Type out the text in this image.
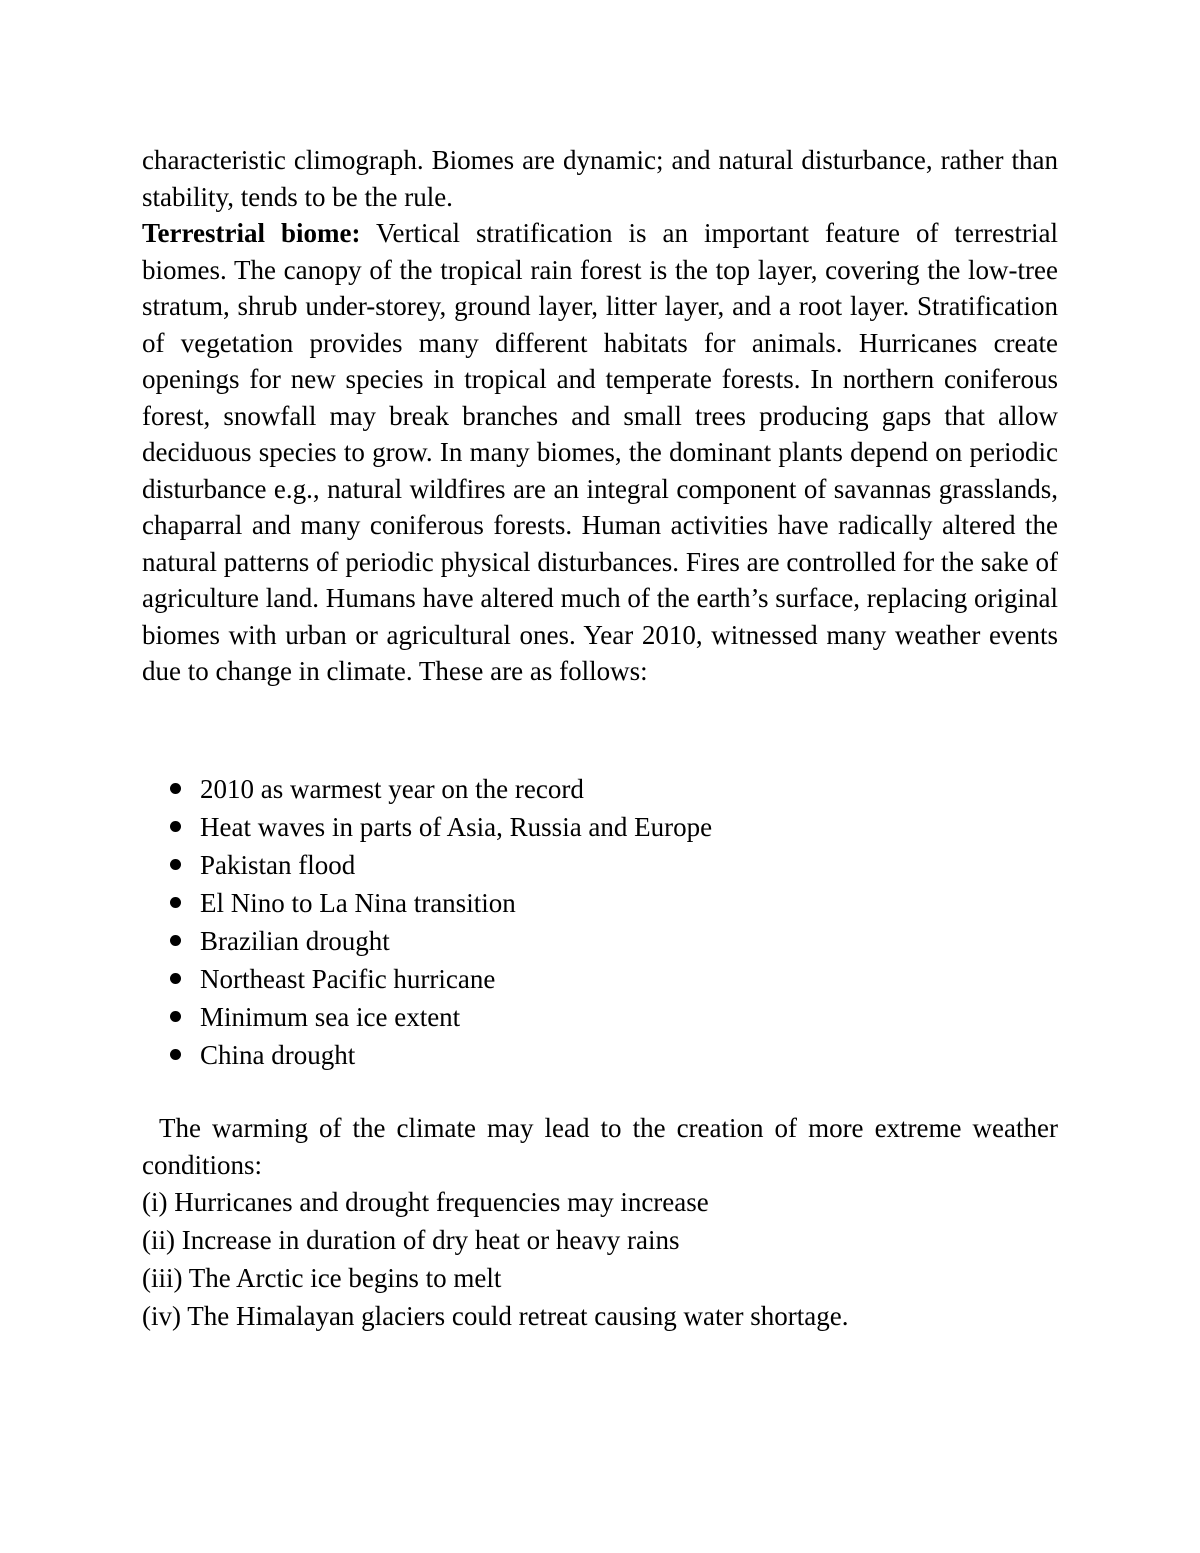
characteristic climograph. Biomes are dynamic; and natural disturbance, rather than stability, tends to be the rule.

Terrestrial biome: Vertical stratification is an important feature of terrestrial biomes. The canopy of the tropical rain forest is the top layer, covering the low-tree stratum, shrub under-storey, ground layer, litter layer, and a root layer. Stratification of vegetation provides many different habitats for animals. Hurricanes create openings for new species in tropical and temperate forests. In northern coniferous forest, snowfall may break branches and small trees producing gaps that allow deciduous species to grow. In many biomes, the dominant plants depend on periodic disturbance e.g., natural wildfires are an integral component of savannas grasslands, chaparral and many coniferous forests. Human activities have radically altered the natural patterns of periodic physical disturbances. Fires are controlled for the sake of agriculture land. Humans have altered much of the earth’s surface, replacing original biomes with urban or agricultural ones. Year 2010, witnessed many weather events due to change in climate. These are as follows:

2010 as warmest year on the record
Heat waves in parts of Asia, Russia and Europe
Pakistan flood
El Nino to La Nina transition
Brazilian drought
Northeast Pacific hurricane
Minimum sea ice extent
China drought

The warming of the climate may lead to the creation of more extreme weather conditions:

(i) Hurricanes and drought frequencies may increase

(ii) Increase in duration of dry heat or heavy rains

(iii) The Arctic ice begins to melt

(iv) The Himalayan glaciers could retreat causing water shortage.
